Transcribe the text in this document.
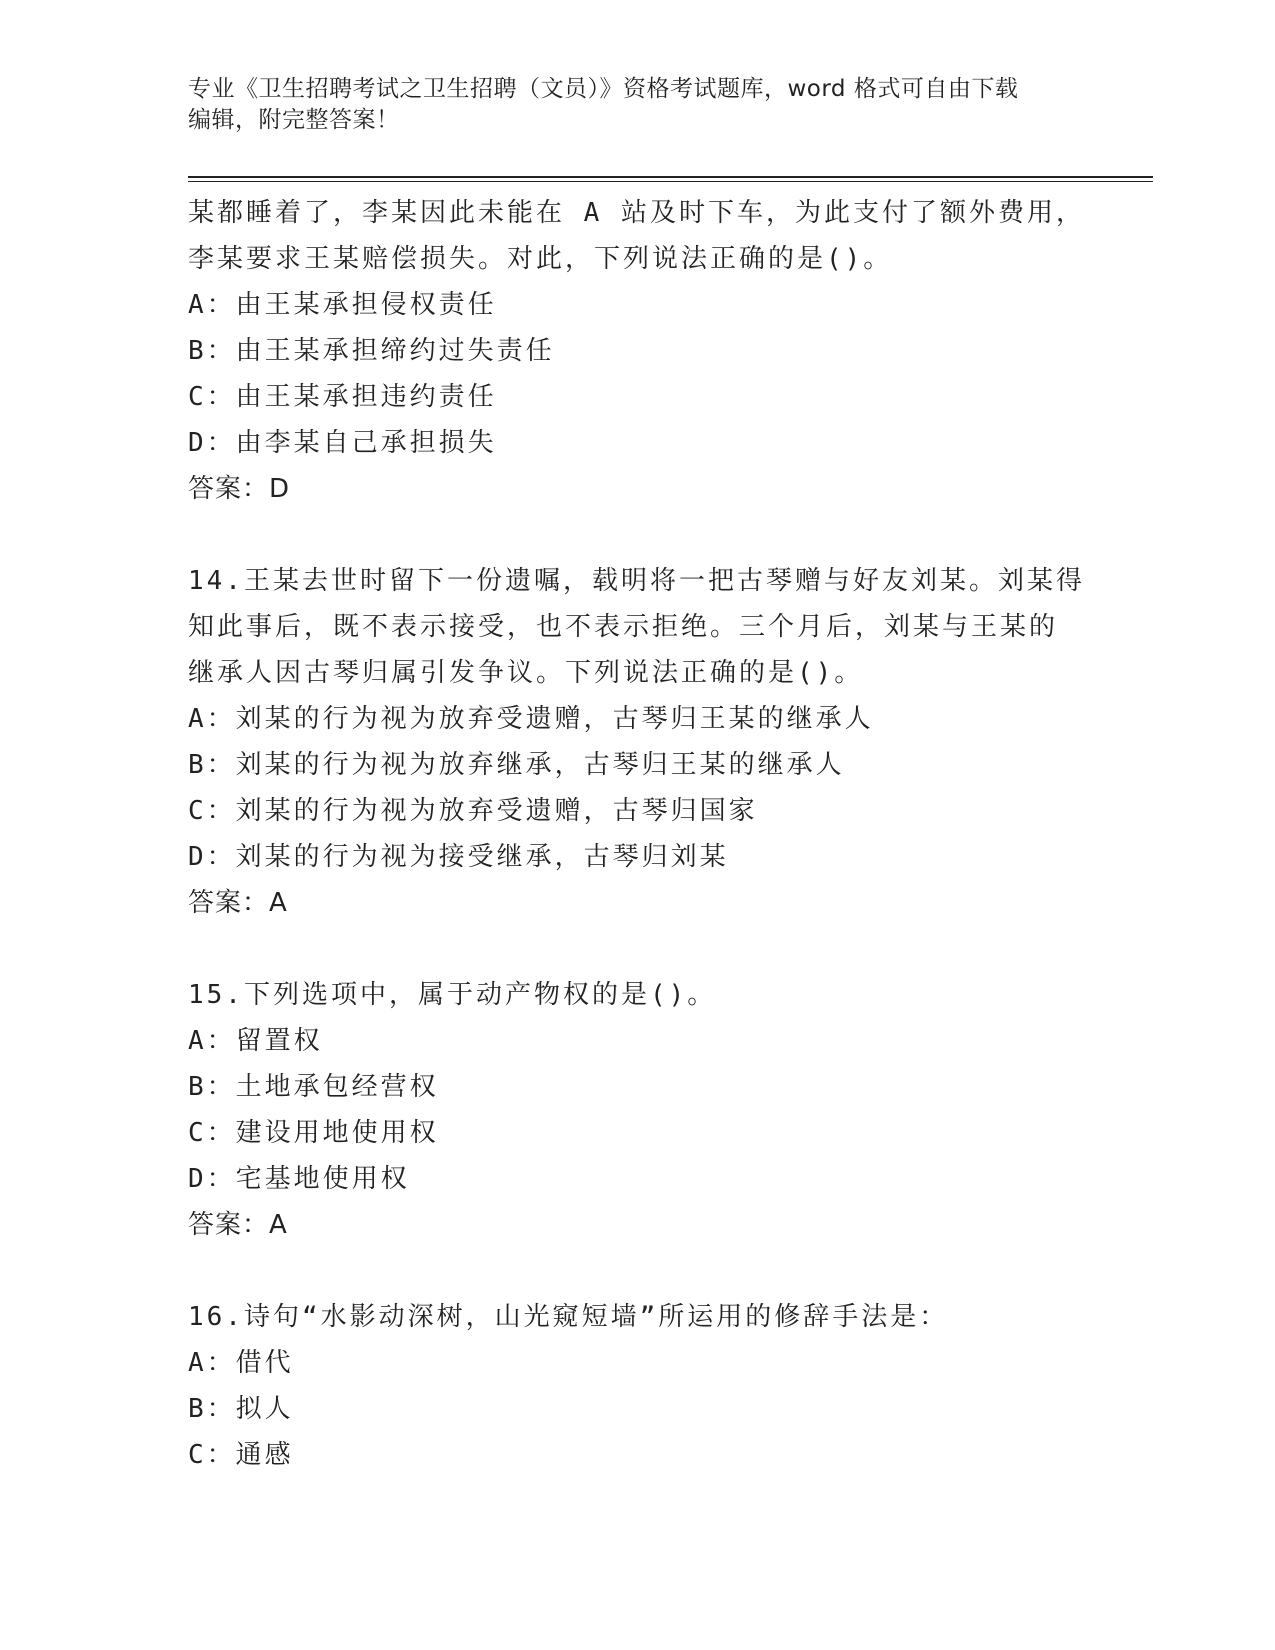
专业《卫生招聘考试之卫生招聘（文员）》资格考试题库，word 格式可自由下载
编辑，附完整答案！
某都睡着了，李某因此未能在 A 站及时下车，为此支付了额外费用，
李某要求王某赔偿损失。对此，下列说法正确的是()。
A：由王某承担侵权责任
B：由王某承担缔约过失责任
C：由王某承担违约责任
D：由李某自己承担损失
答案：D
14.王某去世时留下一份遗嘱，载明将一把古琴赠与好友刘某。刘某得
知此事后，既不表示接受，也不表示拒绝。三个月后，刘某与王某的
继承人因古琴归属引发争议。下列说法正确的是()。
A：刘某的行为视为放弃受遗赠，古琴归王某的继承人
B：刘某的行为视为放弃继承，古琴归王某的继承人
C：刘某的行为视为放弃受遗赠，古琴归国家
D：刘某的行为视为接受继承，古琴归刘某
答案：A
15.下列选项中，属于动产物权的是()。
A：留置权
B：土地承包经营权
C：建设用地使用权
D：宅基地使用权
答案：A
16.诗句“水影动深树，山光窥短墙”所运用的修辞手法是：
A：借代
B：拟人
C：通感
